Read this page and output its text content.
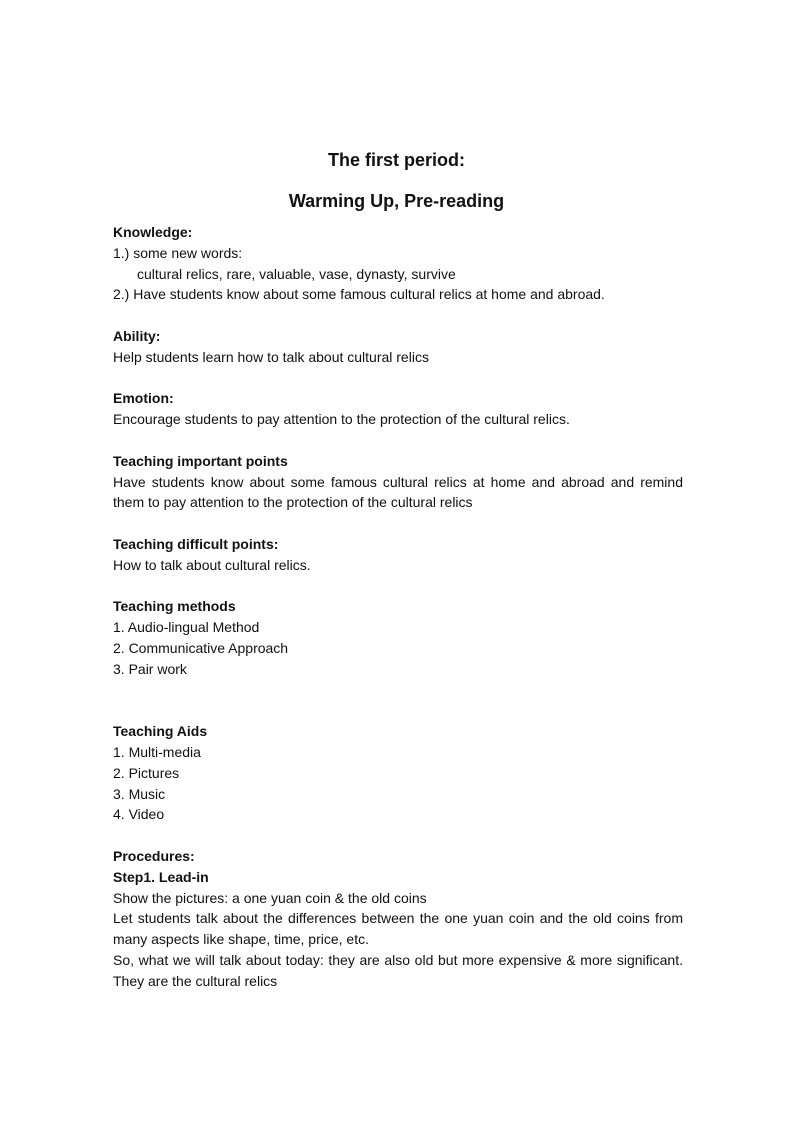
The first period:
Warming Up, Pre-reading

Knowledge:

1.) some new words:

cultural relics, rare, valuable, vase, dynasty, survive

2.) Have students know about some famous cultural relics at home and abroad.

Ability:

Help students learn how to talk about cultural relics

Emotion:

Encourage students to pay attention to the protection of the cultural relics.

Teaching important points

Have students know about some famous cultural relics at home and abroad and remind them to pay attention to the protection of the cultural relics

Teaching difficult points:

How to talk about cultural relics.

Teaching methods

1. Audio-lingual Method

2. Communicative Approach

3. Pair work

Teaching Aids

1. Multi-media

2. Pictures

3. Music

4. Video

Procedures:

Step1. Lead-in

Show the pictures: a one yuan coin & the old coins

Let students talk about the differences between the one yuan coin and the old coins from many aspects like shape, time, price, etc.

So, what we will talk about today: they are also old but more expensive & more significant. They are the cultural relics
